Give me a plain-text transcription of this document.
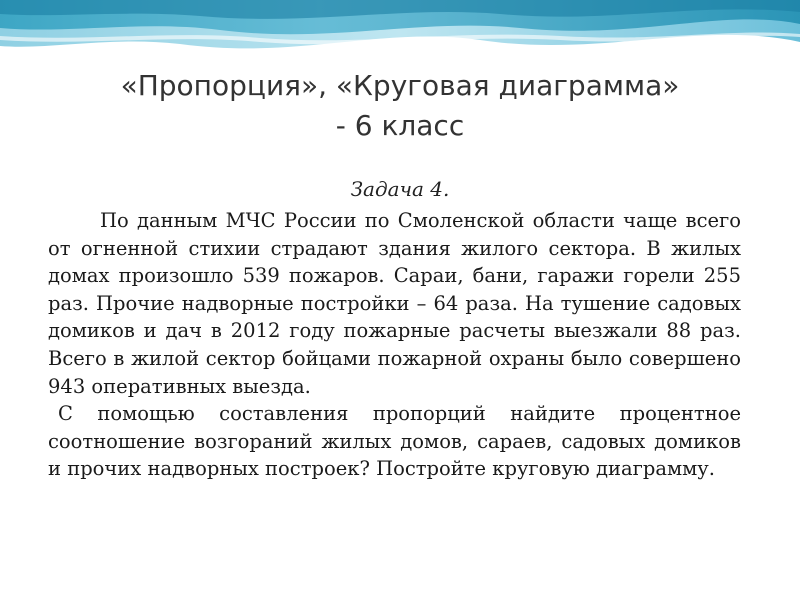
«Пропорция», «Круговая диаграмма»
- 6 класс
Задача 4.

По данным МЧС России по Смоленской области чаще всего от огненной стихии страдают здания жилого сектора. В жилых домах произошло 539 пожаров. Сараи, бани, гаражи горели 255 раз. Прочие надворные постройки – 64 раза. На тушение садовых домиков и дач в 2012 году пожарные расчеты выезжали 88 раз. Всего в жилой сектор бойцами пожарной охраны было совершено 943 оперативных выезда.

С помощью составления пропорций найдите процентное соотношение возгораний жилых домов, сараев, садовых домиков и прочих надворных построек? Постройте круговую диаграмму.
